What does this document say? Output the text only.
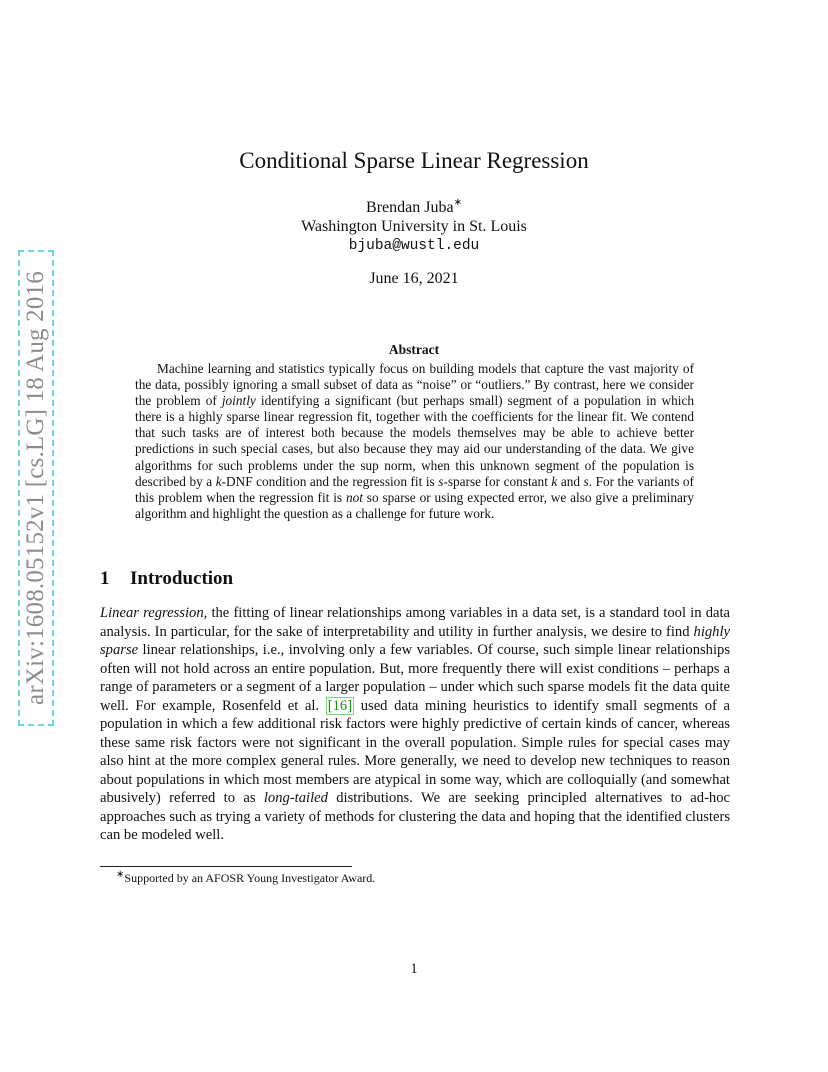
arXiv:1608.05152v1 [cs.LG] 18 Aug 2016
Conditional Sparse Linear Regression
Brendan Juba∗
Washington University in St. Louis
bjuba@wustl.edu
June 16, 2021
Abstract

Machine learning and statistics typically focus on building models that capture the vast majority of the data, possibly ignoring a small subset of data as “noise” or “outliers.” By contrast, here we consider the problem of jointly identifying a significant (but perhaps small) segment of a population in which there is a highly sparse linear regression fit, together with the coefficients for the linear fit. We contend that such tasks are of interest both because the models themselves may be able to achieve better predictions in such special cases, but also because they may aid our understanding of the data. We give algorithms for such problems under the sup norm, when this unknown segment of the population is described by a k-DNF condition and the regression fit is s-sparse for constant k and s. For the variants of this problem when the regression fit is not so sparse or using expected error, we also give a preliminary algorithm and highlight the question as a challenge for future work.

1 Introduction

Linear regression, the fitting of linear relationships among variables in a data set, is a standard tool in data analysis. In particular, for the sake of interpretability and utility in further analysis, we desire to find highly sparse linear relationships, i.e., involving only a few variables. Of course, such simple linear relationships often will not hold across an entire population. But, more frequently there will exist conditions – perhaps a range of parameters or a segment of a larger population – under which such sparse models fit the data quite well. For example, Rosenfeld et al. [16] used data mining heuristics to identify small segments of a population in which a few additional risk factors were highly predictive of certain kinds of cancer, whereas these same risk factors were not significant in the overall population. Simple rules for special cases may also hint at the more complex general rules. More generally, we need to develop new techniques to reason about populations in which most members are atypical in some way, which are colloquially (and somewhat abusively) referred to as long-tailed distributions. We are seeking principled alternatives to ad-hoc approaches such as trying a variety of methods for clustering the data and hoping that the identified clusters can be modeled well.

∗Supported by an AFOSR Young Investigator Award.
1
